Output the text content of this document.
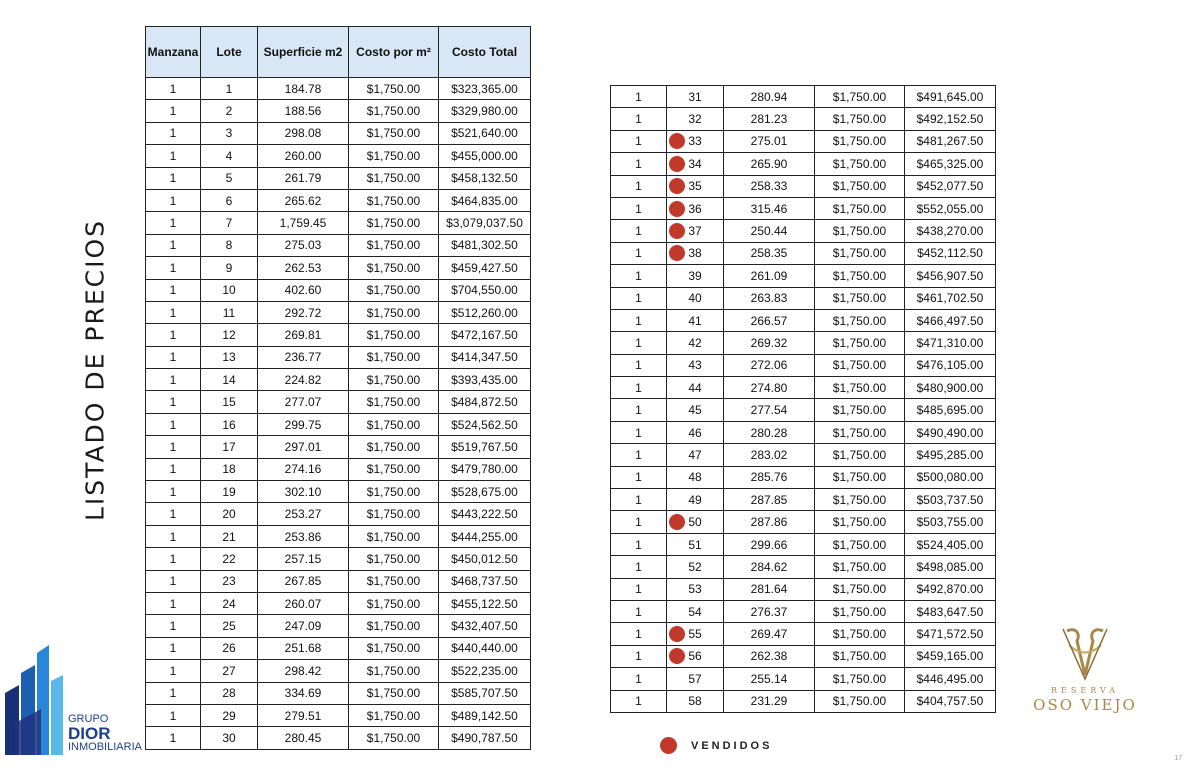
LISTADO DE PRECIOS
Manzana	Lote	Superficie m2	Costo por m²	Costo Total
1	1	184.78	$1,750.00	$323,365.00
1	2	188.56	$1,750.00	$329,980.00
1	3	298.08	$1,750.00	$521,640.00
1	4	260.00	$1,750.00	$455,000.00
1	5	261.79	$1,750.00	$458,132.50
1	6	265.62	$1,750.00	$464,835.00
1	7	1,759.45	$1,750.00	$3,079,037.50
1	8	275.03	$1,750.00	$481,302.50
1	9	262.53	$1,750.00	$459,427.50
1	10	402.60	$1,750.00	$704,550.00
1	11	292.72	$1,750.00	$512,260.00
1	12	269.81	$1,750.00	$472,167.50
1	13	236.77	$1,750.00	$414,347.50
1	14	224.82	$1,750.00	$393,435.00
1	15	277.07	$1,750.00	$484,872.50
1	16	299.75	$1,750.00	$524,562.50
1	17	297.01	$1,750.00	$519,767.50
1	18	274.16	$1,750.00	$479,780.00
1	19	302.10	$1,750.00	$528,675.00
1	20	253.27	$1,750.00	$443,222.50
1	21	253.86	$1,750.00	$444,255.00
1	22	257.15	$1,750.00	$450,012.50
1	23	267.85	$1,750.00	$468,737.50
1	24	260.07	$1,750.00	$455,122.50
1	25	247.09	$1,750.00	$432,407.50
1	26	251.68	$1,750.00	$440,440.00
1	27	298.42	$1,750.00	$522,235.00
1	28	334.69	$1,750.00	$585,707.50
1	29	279.51	$1,750.00	$489,142.50
1	30	280.45	$1,750.00	$490,787.50
1	31	280.94	$1,750.00	$491,645.00
1	32	281.23	$1,750.00	$492,152.50
1	33	275.01	$1,750.00	$481,267.50
1	34	265.90	$1,750.00	$465,325.00
1	35	258.33	$1,750.00	$452,077.50
1	36	315.46	$1,750.00	$552,055.00
1	37	250.44	$1,750.00	$438,270.00
1	38	258.35	$1,750.00	$452,112.50
1	39	261.09	$1,750.00	$456,907.50
1	40	263.83	$1,750.00	$461,702.50
1	41	266.57	$1,750.00	$466,497.50
1	42	269.32	$1,750.00	$471,310.00
1	43	272.06	$1,750.00	$476,105.00
1	44	274.80	$1,750.00	$480,900.00
1	45	277.54	$1,750.00	$485,695.00
1	46	280.28	$1,750.00	$490,490.00
1	47	283.02	$1,750.00	$495,285.00
1	48	285.76	$1,750.00	$500,080.00
1	49	287.85	$1,750.00	$503,737.50
1	50	287.86	$1,750.00	$503,755.00
1	51	299.66	$1,750.00	$524,405.00
1	52	284.62	$1,750.00	$498,085.00
1	53	281.64	$1,750.00	$492,870.00
1	54	276.37	$1,750.00	$483,647.50
1	55	269.47	$1,750.00	$471,572.50
1	56	262.38	$1,750.00	$459,165.00
1	57	255.14	$1,750.00	$446,495.00
1	58	231.29	$1,750.00	$404,757.50
VENDIDOS
GRUPO
DIOR
INMOBILIARIA
RESERVA
OSO VIEJO
17
